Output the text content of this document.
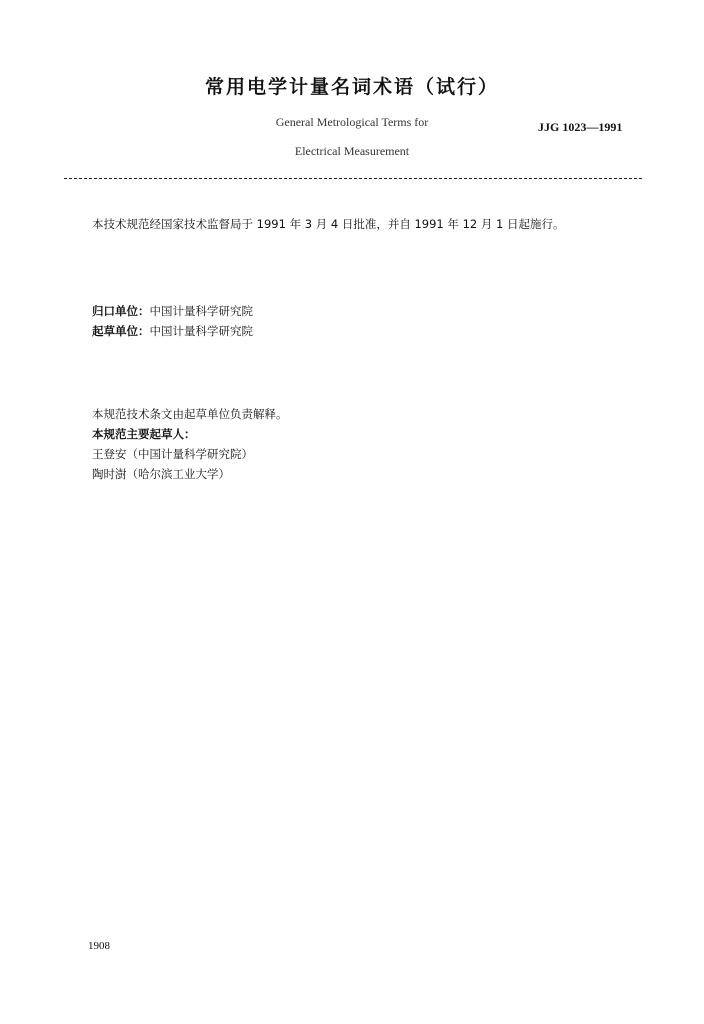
常用电学计量名词术语（试行）
General Metrological Terms for
Electrical Measurement
JJG 1023—1991
本技术规范经国家技术监督局于 1991 年 3 月 4 日批准，并自 1991 年 12 月 1 日起施行。
归口单位：中国计量科学研究院
起草单位：中国计量科学研究院
本规范技术条文由起草单位负责解释。
本规范主要起草人：
王登安（中国计量科学研究院）
陶时澍（哈尔滨工业大学）
1908
